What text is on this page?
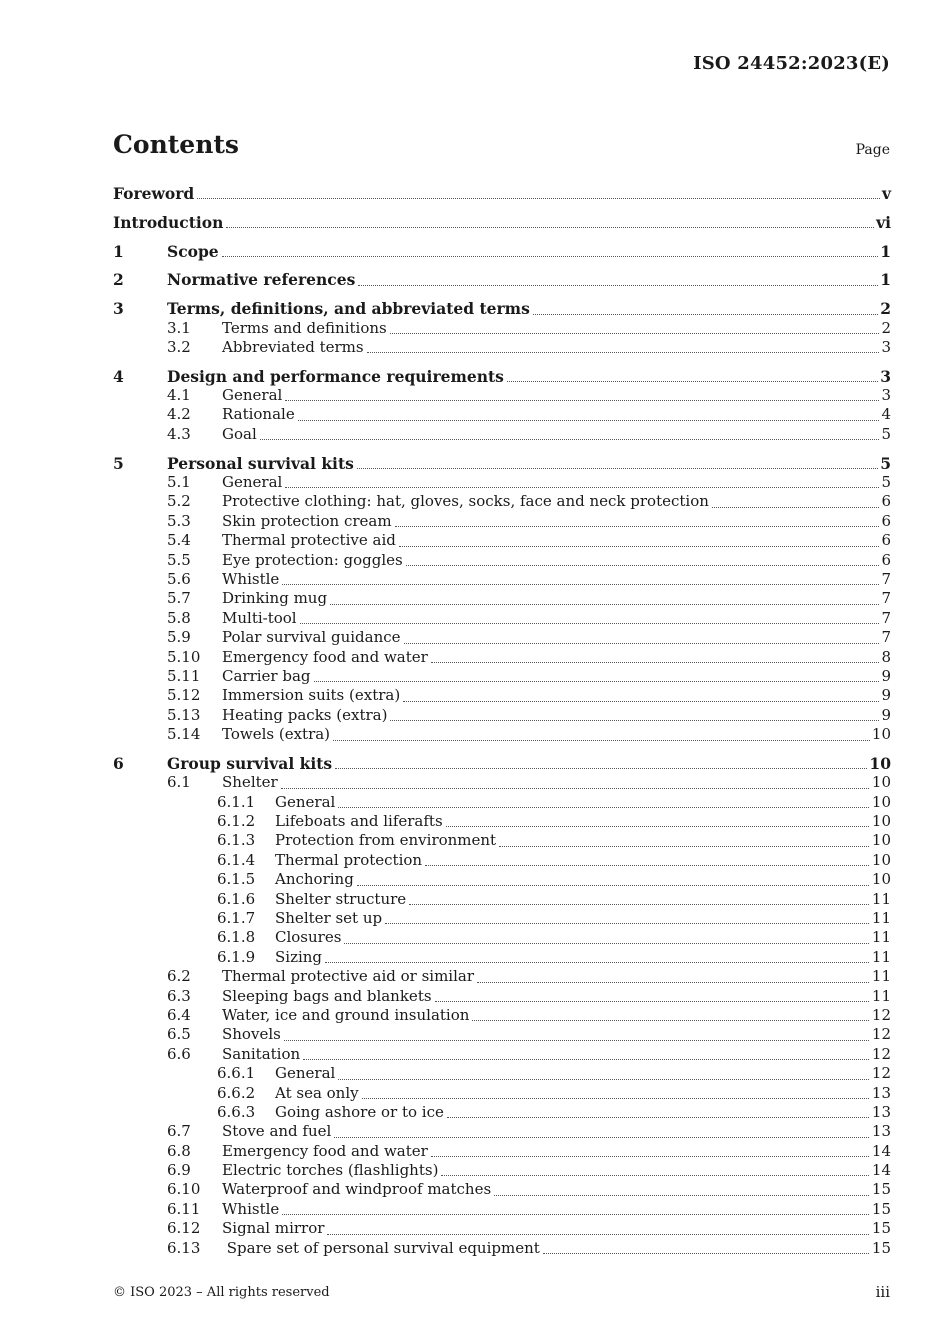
ISO 24452:2023(E)
Contents	Page
Foreword	v
Introduction	vi
1	Scope	1
2	Normative references	1
3	Terms, definitions, and abbreviated terms	2
3.1	Terms and definitions	2
3.2	Abbreviated terms	3
4	Design and performance requirements	3
4.1	General	3
4.2	Rationale	4
4.3	Goal	5
5	Personal survival kits	5
5.1	General	5
5.2	Protective clothing: hat, gloves, socks, face and neck protection	6
5.3	Skin protection cream	6
5.4	Thermal protective aid	6
5.5	Eye protection: goggles	6
5.6	Whistle	7
5.7	Drinking mug	7
5.8	Multi-tool	7
5.9	Polar survival guidance	7
5.10	Emergency food and water	8
5.11	Carrier bag	9
5.12	Immersion suits (extra)	9
5.13	Heating packs (extra)	9
5.14	Towels (extra)	10
6	Group survival kits	10
6.1	Shelter	10
6.1.1	General	10
6.1.2	Lifeboats and liferafts	10
6.1.3	Protection from environment	10
6.1.4	Thermal protection	10
6.1.5	Anchoring	10
6.1.6	Shelter structure	11
6.1.7	Shelter set up	11
6.1.8	Closures	11
6.1.9	Sizing	11
6.2	Thermal protective aid or similar	11
6.3	Sleeping bags and blankets	11
6.4	Water, ice and ground insulation	12
6.5	Shovels	12
6.6	Sanitation	12
6.6.1	General	12
6.6.2	At sea only	13
6.6.3	Going ashore or to ice	13
6.7	Stove and fuel	13
6.8	Emergency food and water	14
6.9	Electric torches (flashlights)	14
6.10	Waterproof and windproof matches	15
6.11	Whistle	15
6.12	Signal mirror	15
6.13	Spare set of personal survival equipment	15
© ISO 2023 – All rights reserved	iii
